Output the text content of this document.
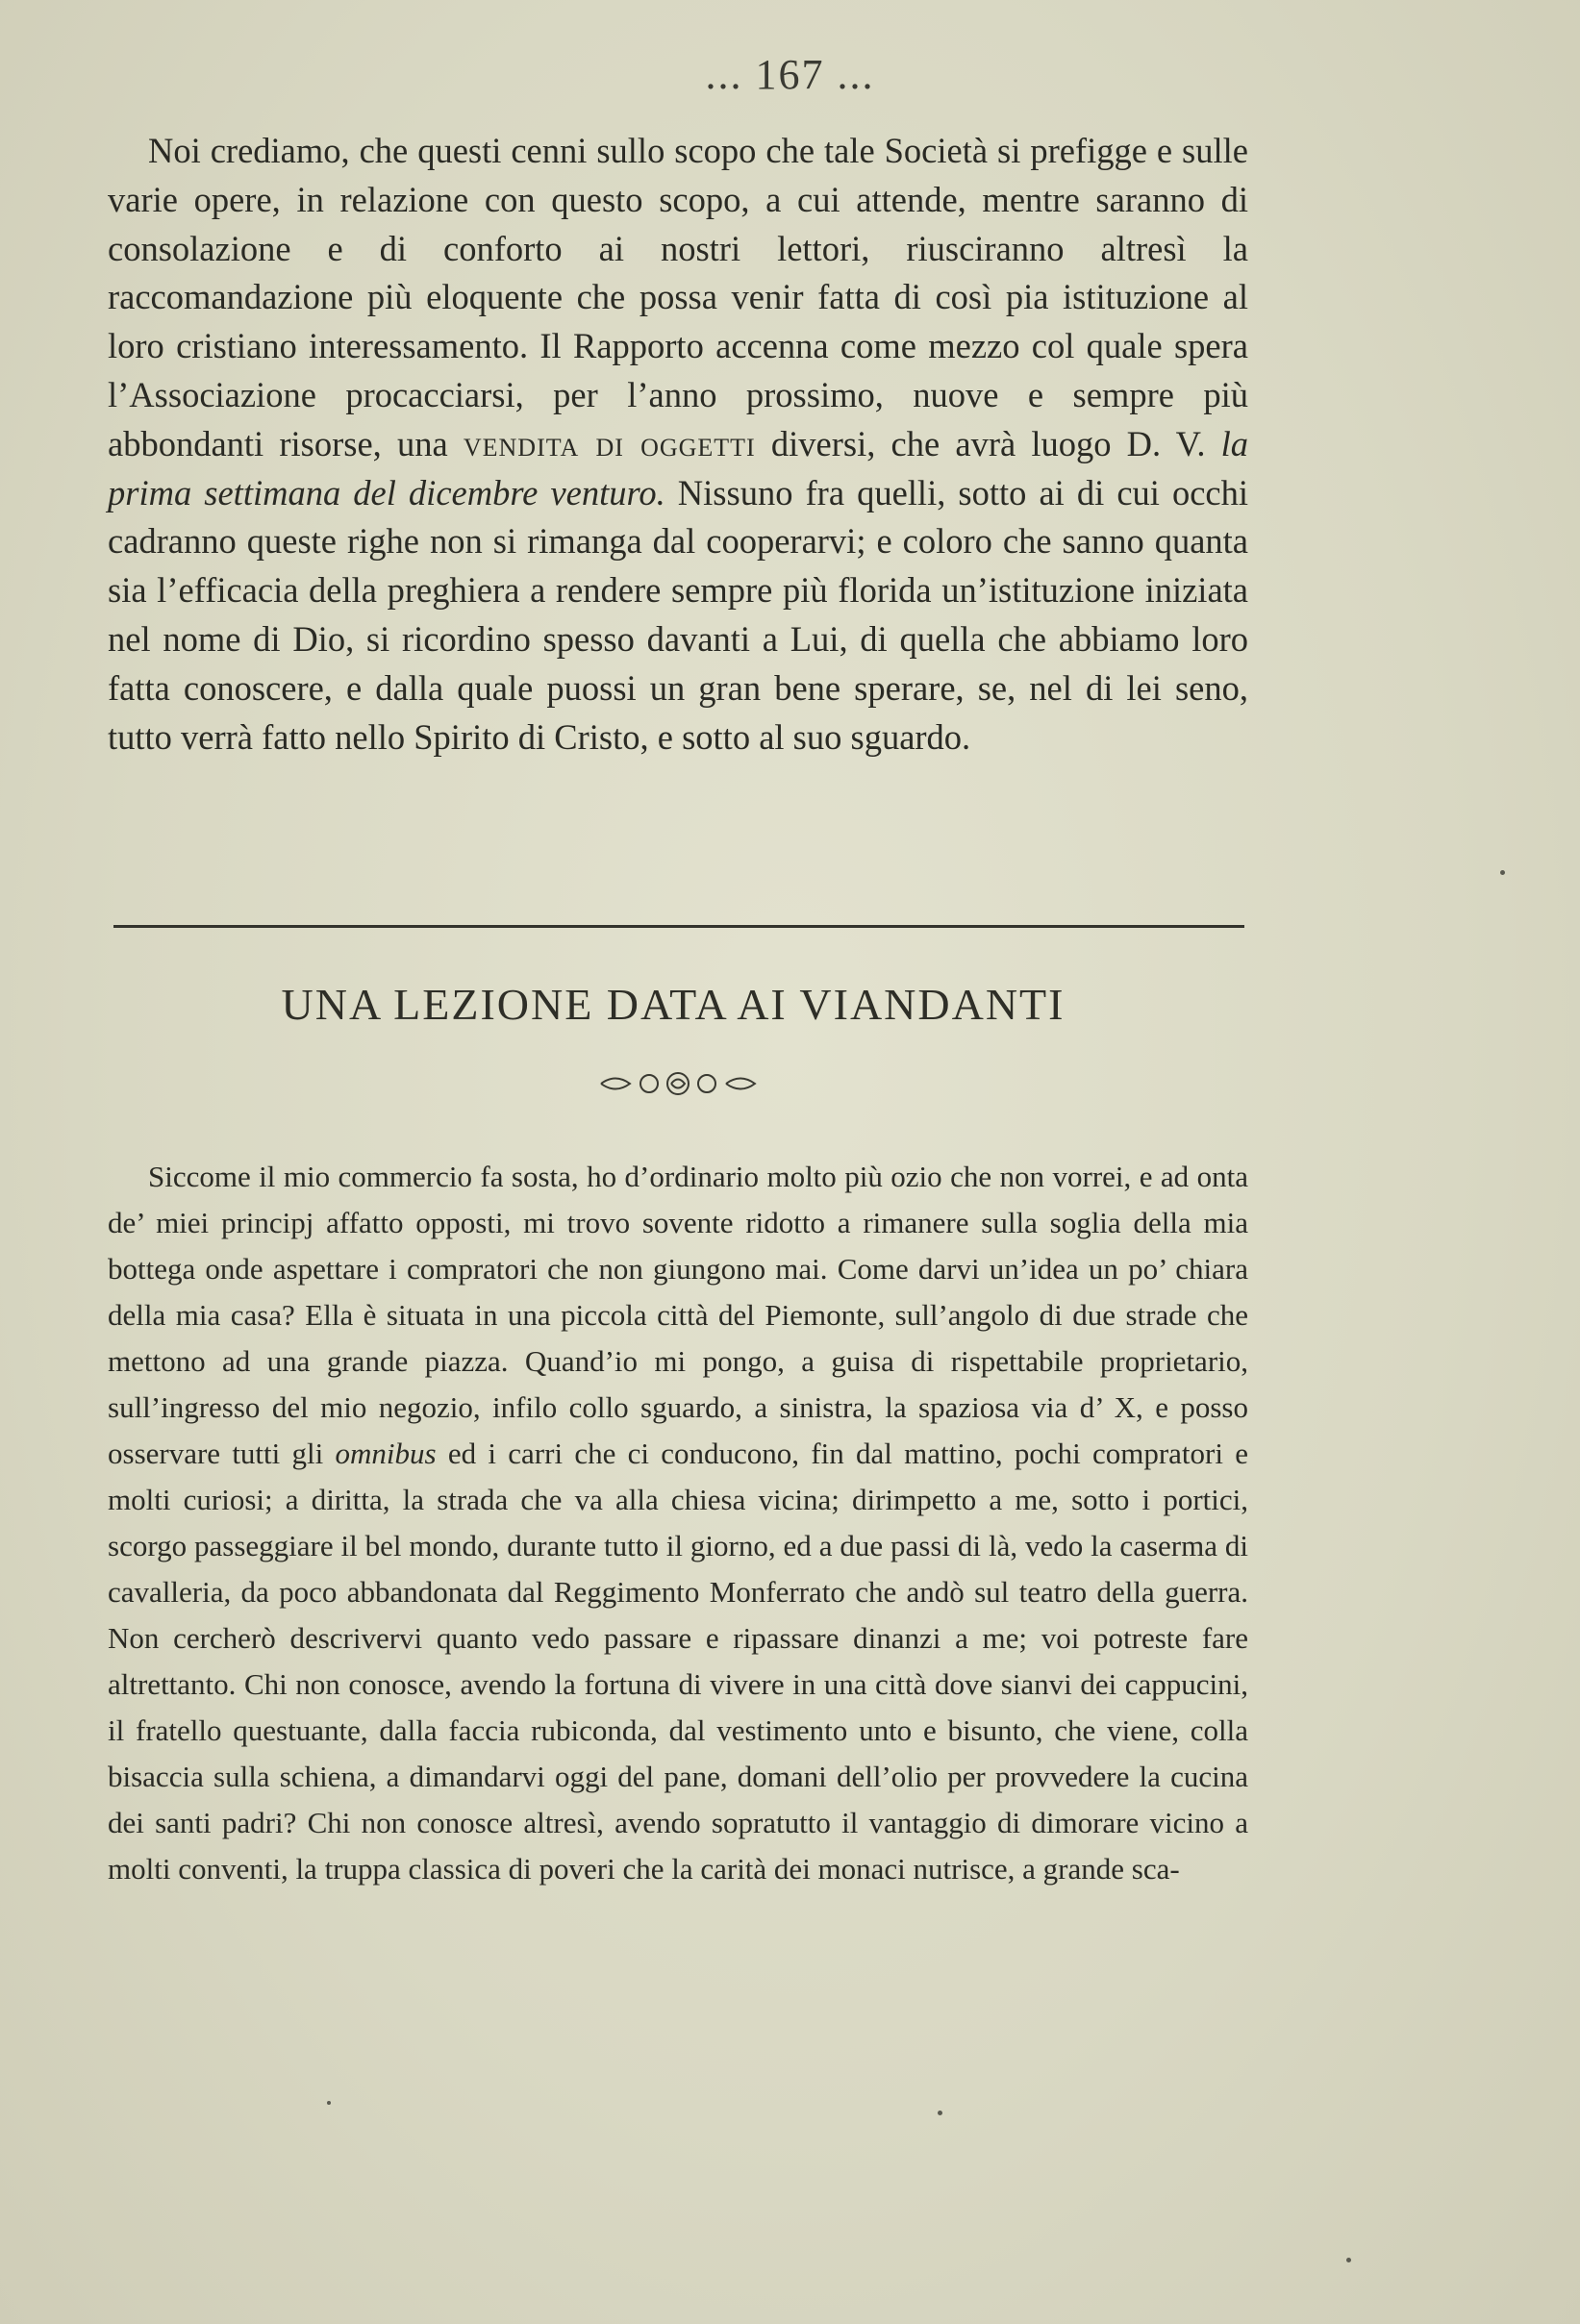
... 167 ...

Noi crediamo, che questi cenni sullo scopo che tale Società si prefigge e sulle varie opere, in relazione con questo scopo, a cui attende, mentre saranno di consolazione e di conforto ai nostri lettori, riusciranno altresì la raccomandazione più eloquente che possa venir fatta di così pia istituzione al loro cristiano interessamento. Il Rapporto accenna come mezzo col quale spera l’Associazione procacciarsi, per l’anno prossimo, nuove e sempre più abbondanti risorse, una vendita di oggetti diversi, che avrà luogo D. V. la prima settimana del dicembre venturo. Nissuno fra quelli, sotto ai di cui occhi cadranno queste righe non si rimanga dal cooperarvi; e coloro che sanno quanta sia l’efficacia della preghiera a rendere sempre più florida un’istituzione iniziata nel nome di Dio, si ricordino spesso davanti a Lui, di quella che abbiamo loro fatta conoscere, e dalla quale puossi un gran bene sperare, se, nel di lei seno, tutto verrà fatto nello Spirito di Cristo, e sotto al suo sguardo.

UNA LEZIONE DATA AI VIANDANTI

Siccome il mio commercio fa sosta, ho d’ordinario molto più ozio che non vorrei, e ad onta de’ miei principj affatto opposti, mi trovo sovente ridotto a rimanere sulla soglia della mia bottega onde aspettare i compratori che non giungono mai. Come darvi un’idea un po’ chiara della mia casa? Ella è situata in una piccola città del Piemonte, sull’angolo di due strade che mettono ad una grande piazza. Quand’io mi pongo, a guisa di rispettabile proprietario, sull’ingresso del mio negozio, infilo collo sguardo, a sinistra, la spaziosa via d’ X, e posso osservare tutti gli omnibus ed i carri che ci conducono, fin dal mattino, pochi compratori e molti curiosi; a diritta, la strada che va alla chiesa vicina; dirimpetto a me, sotto i portici, scorgo passeggiare il bel mondo, durante tutto il giorno, ed a due passi di là, vedo la caserma di cavalleria, da poco abbandonata dal Reggimento Monferrato che andò sul teatro della guerra. Non cercherò descrivervi quanto vedo passare e ripassare dinanzi a me; voi potreste fare altrettanto. Chi non conosce, avendo la fortuna di vivere in una città dove sianvi dei cappucini, il fratello questuante, dalla faccia rubiconda, dal vestimento unto e bisunto, che viene, colla bisaccia sulla schiena, a dimandarvi oggi del pane, domani dell’olio per provvedere la cucina dei santi padri? Chi non conosce altresì, avendo sopratutto il vantaggio di dimorare vicino a molti conventi, la truppa classica di poveri che la carità dei monaci nutrisce, a grande sca-
